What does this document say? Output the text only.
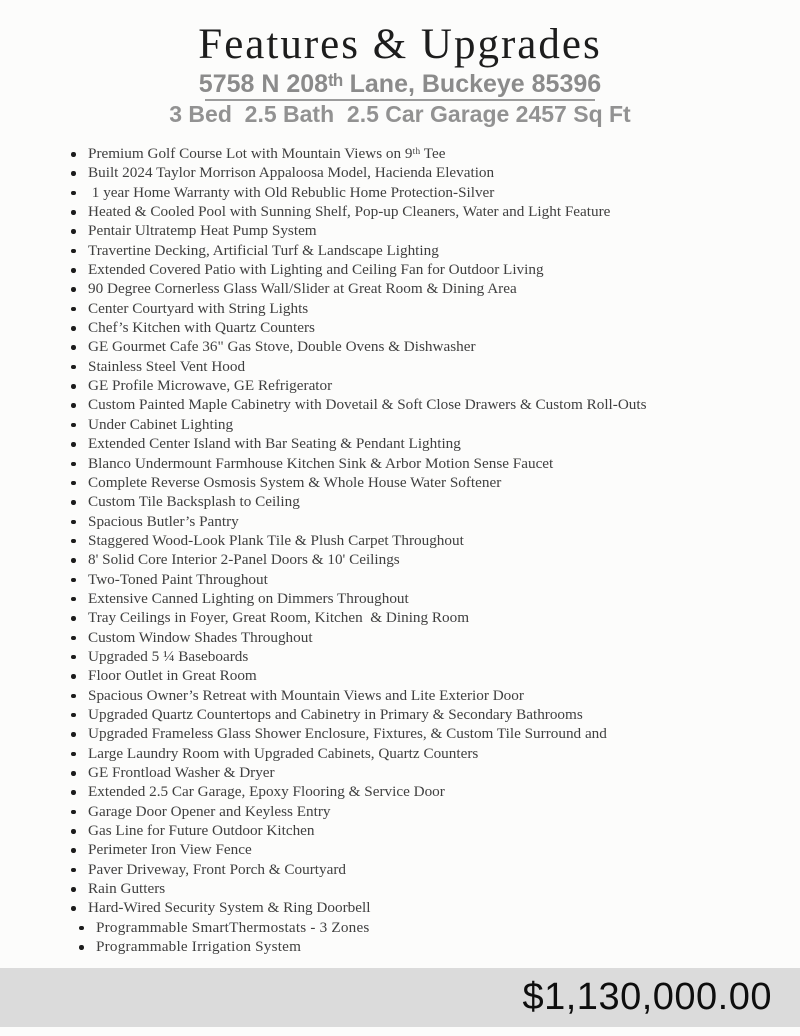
Features & Upgrades
5758 N 208ᵗʰ Lane, Buckeye 85396
3 Bed  2.5 Bath  2.5 Car Garage 2457 Sq Ft
Premium Golf Course Lot with Mountain Views on 9ᵗʰ Tee
Built 2024 Taylor Morrison Appaloosa Model, Hacienda Elevation
1 year Home Warranty with Old Rebublic Home Protection-Silver
Heated & Cooled Pool with Sunning Shelf, Pop-up Cleaners, Water and Light Feature
Pentair Ultratemp Heat Pump System
Travertine Decking, Artificial Turf & Landscape Lighting
Extended Covered Patio with Lighting and Ceiling Fan for Outdoor Living
90 Degree Cornerless Glass Wall/Slider at Great Room & Dining Area
Center Courtyard with String Lights
Chef’s Kitchen with Quartz Counters
GE Gourmet Cafe 36" Gas Stove, Double Ovens & Dishwasher
Stainless Steel Vent Hood
GE Profile Microwave, GE Refrigerator
Custom Painted Maple Cabinetry with Dovetail & Soft Close Drawers & Custom Roll-Outs
Under Cabinet Lighting
Extended Center Island with Bar Seating & Pendant Lighting
Blanco Undermount Farmhouse Kitchen Sink & Arbor Motion Sense Faucet
Complete Reverse Osmosis System & Whole House Water Softener
Custom Tile Backsplash to Ceiling
Spacious Butler’s Pantry
Staggered Wood-Look Plank Tile & Plush Carpet Throughout
8' Solid Core Interior 2-Panel Doors & 10' Ceilings
Two-Toned Paint Throughout
Extensive Canned Lighting on Dimmers Throughout
Tray Ceilings in Foyer, Great Room, Kitchen  & Dining Room
Custom Window Shades Throughout
Upgraded 5 ¼ Baseboards
Floor Outlet in Great Room
Spacious Owner’s Retreat with Mountain Views and Lite Exterior Door
Upgraded Quartz Countertops and Cabinetry in Primary & Secondary Bathrooms
Upgraded Frameless Glass Shower Enclosure, Fixtures, & Custom Tile Surround and
Large Laundry Room with Upgraded Cabinets, Quartz Counters
GE Frontload Washer & Dryer
Extended 2.5 Car Garage, Epoxy Flooring & Service Door
Garage Door Opener and Keyless Entry
Gas Line for Future Outdoor Kitchen
Perimeter Iron View Fence
Paver Driveway, Front Porch & Courtyard
Rain Gutters
Hard-Wired Security System & Ring Doorbell
Programmable SmartThermostats - 3 Zones
Programmable Irrigation System
$1,130,000.00
